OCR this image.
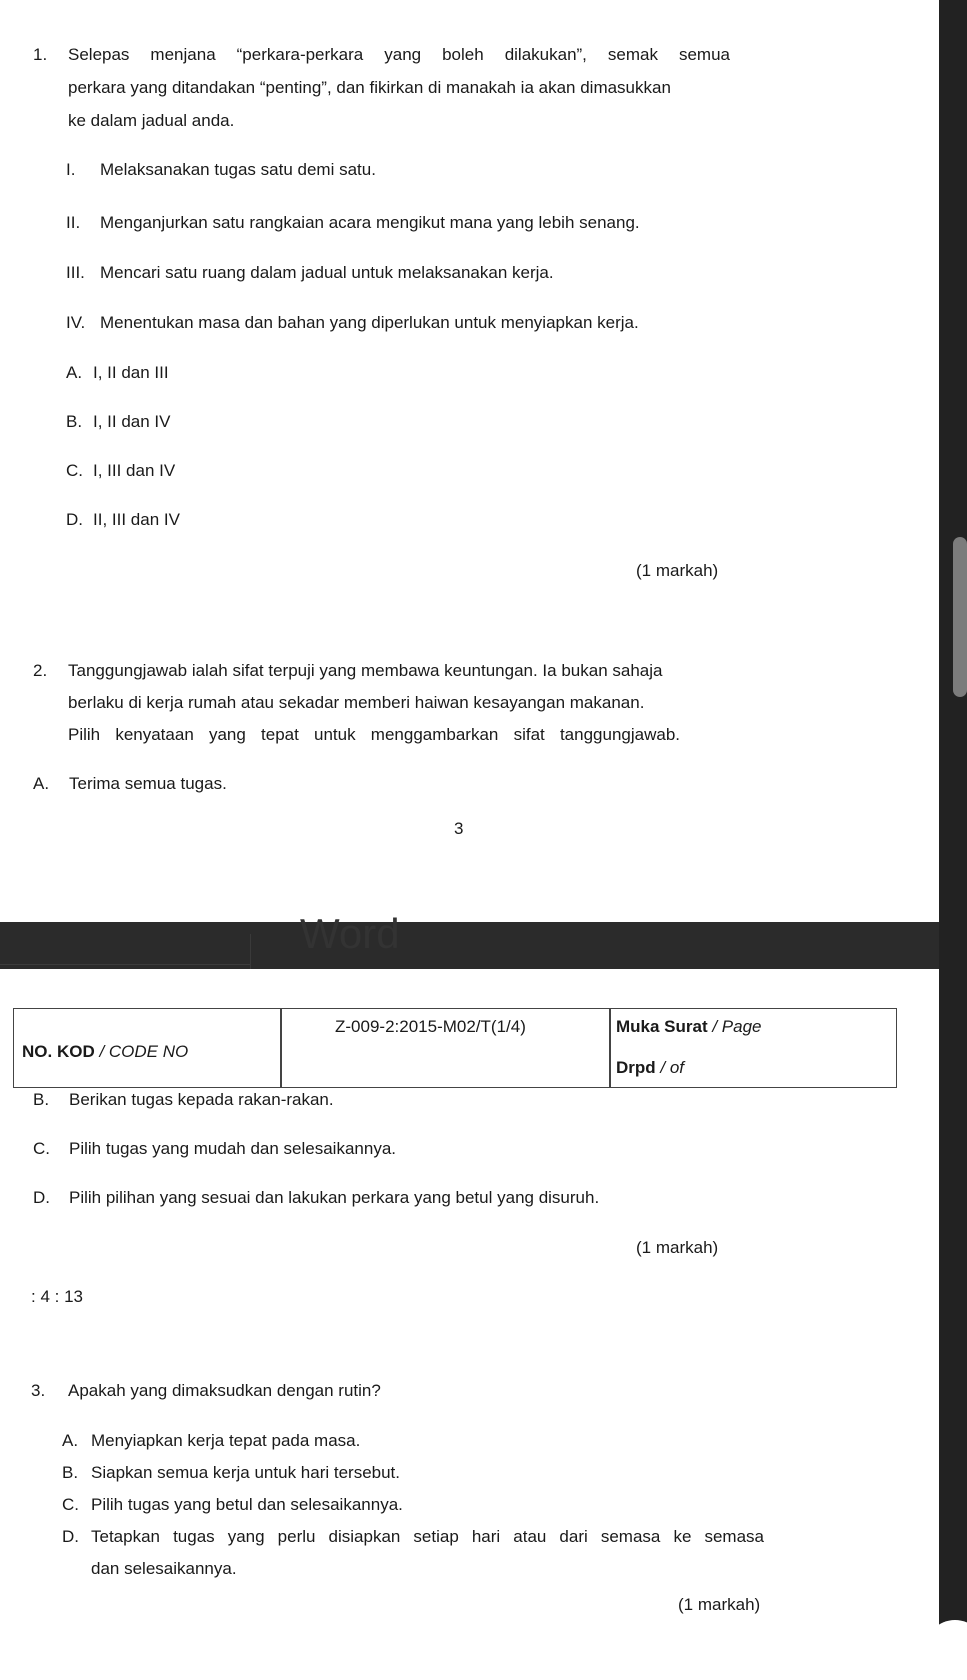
1. Selepas menjana “perkara-perkara yang boleh dilakukan”, semak semua
perkara yang ditandakan “penting”, dan fikirkan di manakah ia akan dimasukkan
ke dalam jadual anda.
I. Melaksanakan tugas satu demi satu.
II. Menganjurkan satu rangkaian acara mengikut mana yang lebih senang.
III. Mencari satu ruang dalam jadual untuk melaksanakan kerja.
IV. Menentukan masa dan bahan yang diperlukan untuk menyiapkan kerja.
A. I, II dan III
B. I, II dan IV
C. I, III dan IV
D. II, III dan IV
(1 markah)
2. Tanggungjawab ialah sifat terpuji yang membawa keuntungan. Ia bukan sahaja
berlaku di kerja rumah atau sekadar memberi haiwan kesayangan makanan.
Pilih kenyataan yang tepat untuk menggambarkan sifat tanggungjawab.
A. Terima semua tugas.
3
Word
NO. KOD / CODE NO
Z-009-2:2015-M02/T(1/4)	Muka Surat / Page
Drpd / of
B. Berikan tugas kepada rakan-rakan.
C. Pilih tugas yang mudah dan selesaikannya.
D. Pilih pilihan yang sesuai dan lakukan perkara yang betul yang disuruh.
(1 markah)
: 4 : 13
3. Apakah yang dimaksudkan dengan rutin?
A. Menyiapkan kerja tepat pada masa.
B. Siapkan semua kerja untuk hari tersebut.
C. Pilih tugas yang betul dan selesaikannya.
D. Tetapkan tugas yang perlu disiapkan setiap hari atau dari semasa ke semasa
dan selesaikannya.
(1 markah)
